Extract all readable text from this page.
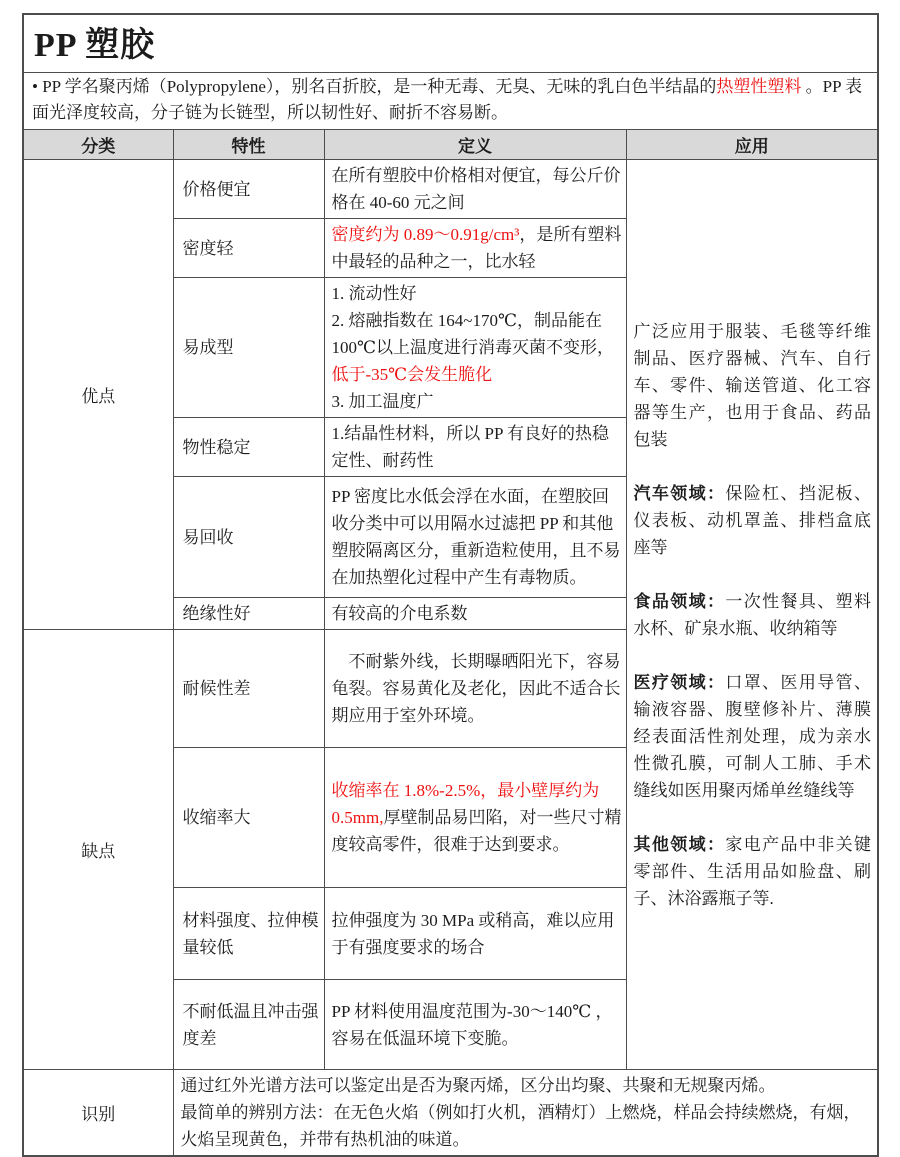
PP 塑胶			

• PP 学名聚丙烯（Polypropylene），别名百折胶，是一种无毒、无臭、无味的乳白色半结晶的热塑性塑料 。PP 表面光泽度较高，分子链为长链型，所以韧性好、耐折不容易断。			

分类	特性	定义	应用
优点	价格便宜	在所有塑胶中价格相对便宜，每公斤价格在 40-60 元之间	广泛应用于服装、毛毯等纤维制品、医疗器械、汽车、自行车、零件、输送管道、化工容器等生产，也用于食品、药品包装
汽车领域：保险杠、挡泥板、仪表板、动机罩盖、排档盒底座等
食品领域：一次性餐具、塑料水杯、矿泉水瓶、收纳箱等
医疗领域：口罩、医用导管、输液容器、腹壁修补片、薄膜经表面活性剂处理，成为亲水性微孔膜，可制人工肺、手术缝线如医用聚丙烯单丝缝线等
其他领域：家电产品中非关键零部件、生活用品如脸盘、刷子、沐浴露瓶子等.

	密度轻	密度约为 0.89～0.91g/cm³，是所有塑料中最轻的品种之一，比水轻	

	易成型	1. 流动性好
2. 熔融指数在 164~170℃，制品能在 100℃以上温度进行消毒灭菌不变形，
低于-35℃会发生脆化
3. 加工温度广	

	物性稳定	1.结晶性材料，所以 PP 有良好的热稳定性、耐药性	

	易回收	PP 密度比水低会浮在水面，在塑胶回收分类中可以用隔水过滤把 PP 和其他塑胶隔离区分，重新造粒使用，且不易在加热塑化过程中产生有毒物质。	

	绝缘性好	有较高的介电系数	

缺点	耐候性差	　不耐紫外线，长期曝晒阳光下，容易龟裂。容易黄化及老化，因此不适合长期应用于室外环境。	

	收缩率大	收缩率在 1.8%-2.5%，最小壁厚约为 0.5mm,厚壁制品易凹陷，对一些尺寸精度较高零件，很难于达到要求。	

	材料强度、拉伸模量较低	拉伸强度为 30 MPa 或稍高，难以应用于有强度要求的场合	

	不耐低温且冲击强度差	PP 材料使用温度范围为-30～140℃ ，容易在低温环境下变脆。	

识别	通过红外光谱方法可以鉴定出是否为聚丙烯，区分出均聚、共聚和无规聚丙烯。
最简单的辨别方法：在无色火焰（例如打火机，酒精灯）上燃烧，样品会持续燃烧，有烟，火焰呈现黄色，并带有热机油的味道。		
